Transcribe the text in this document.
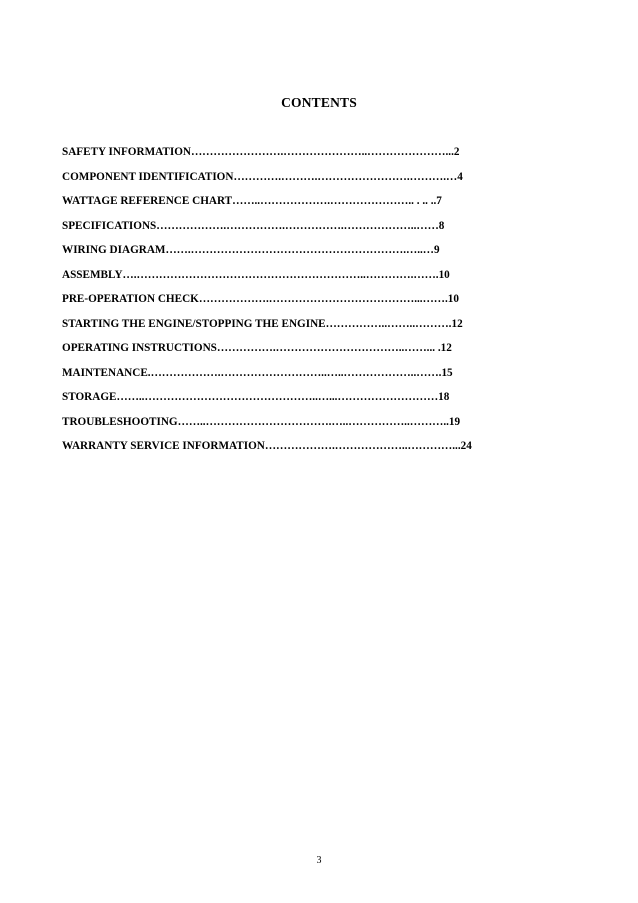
CONTENTS
SAFETY INFORMATION…………………….…………………..…………………...2
COMPONENT IDENTIFICATION………….……….…………………….……….…4
WATTAGE REFERENCE CHART……..……………….………………….. . .. ..7
SPECIFICATIONS……………….…………….…………….………………..……8
WIRING DIAGRAM…….………………………………………………….…..…9
ASSEMBLY….……………………………………………………..………….…….10
PRE-OPERATION CHECK……………….…………………………………...…….10
STARTING THE ENGINE/STOPPING THE ENGINE……………..……..……….12
OPERATING INSTRUCTIONS…………….……………………………..……... .12
MAINTENANCE.……………….………………………..…..………………..…….15
STORAGE……..………………………………………..…...………………………18
TROUBLESHOOTING……..…………………………….…..……………..………..19
WARRANTY SERVICE INFORMATION……………….………………..…………...24
3
